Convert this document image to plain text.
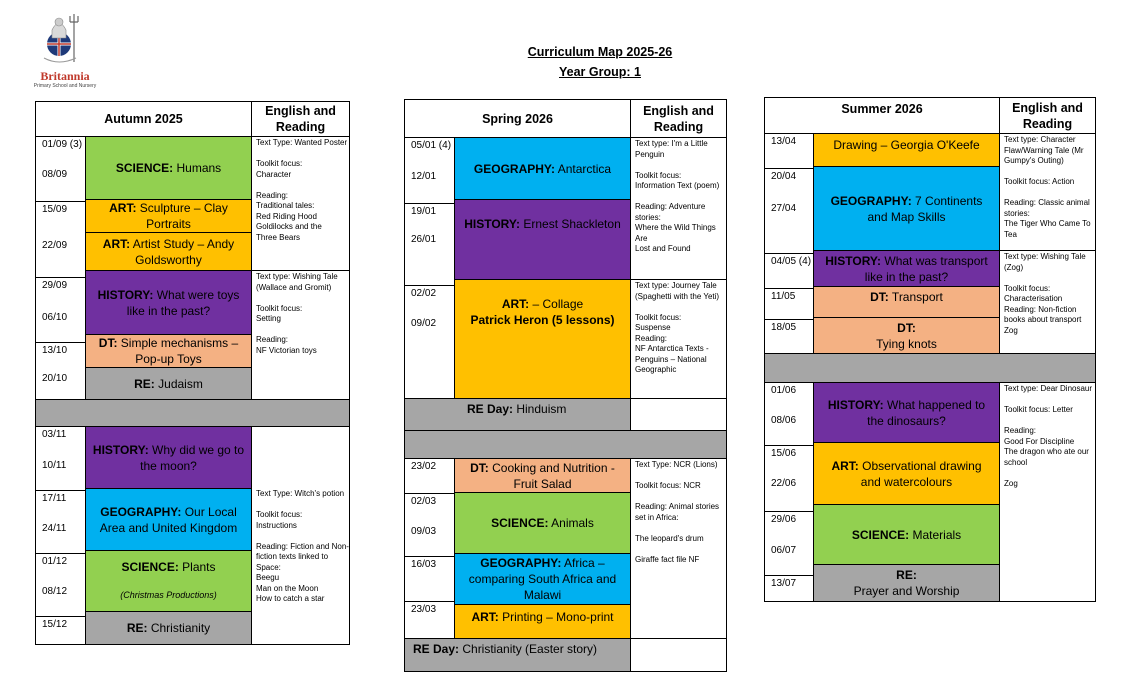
Britannia
Primary School and Nursery
Curriculum Map 2025-26
Year Group: 1
Autumn 2025
English and Reading
01/09 (3)
08/09
15/09
22/09
29/09
06/10
13/10
20/10
SCIENCE: Humans
ART: Sculpture – Clay Portraits
ART: Artist Study – Andy Goldsworthy
HISTORY: What were toys like in the past?
DT: Simple mechanisms – Pop-up Toys
RE: Judaism
Text Type: Wanted Poster
Toolkit focus:
Character
Reading:
Traditional tales:
Red Riding Hood
Goldilocks and the
Three Bears
Text type: Wishing Tale (Wallace and Gromit)
Toolkit focus:
Setting
Reading:
NF Victorian toys
03/11
10/11
17/11
24/11
01/12
08/12
15/12
HISTORY: Why did we go to the moon?
GEOGRAPHY: Our Local Area and United Kingdom
SCIENCE: Plants
(Christmas Productions)
RE: Christianity
Text Type: Witch's potion
Toolkit focus:
Instructions
Reading: Fiction and Non-fiction texts linked to Space:
Beegu
Man on the Moon
How to catch a star
Spring 2026
English and Reading
05/01 (4)
12/01
19/01
26/01
02/02
09/02
GEOGRAPHY: Antarctica
HISTORY: Ernest Shackleton
ART: – Collage
Patrick Heron (5 lessons)
Text type: I'm a Little Penguin
Toolkit focus:
Information Text (poem)
Reading: Adventure stories:
Where the Wild Things Are
Lost and Found
Text type: Journey Tale (Spaghetti with the Yeti)
Toolkit focus:
Suspense
Reading:
NF Antarctica Texts - Penguins – National Geographic
RE Day: Hinduism
23/02
02/03
09/03
16/03
23/03
DT: Cooking and Nutrition - Fruit Salad
SCIENCE: Animals
GEOGRAPHY: Africa – comparing South Africa and Malawi
ART: Printing – Mono-print
Text Type: NCR (Lions)
Toolkit focus: NCR
Reading: Animal stories set in Africa:
The leopard's drum
Giraffe fact file NF
RE Day: Christianity (Easter story)
Summer 2026	English and Reading
13/04
20/04
27/04
04/05 (4)
11/05
18/05
Drawing – Georgia O'Keefe
GEOGRAPHY: 7 Continents and Map Skills
HISTORY: What was transport like in the past?
DT: Transport
DT:
Tying knots
Text type: Character Flaw/Warning Tale (Mr Gumpy's Outing)
Toolkit focus: Action
Reading: Classic animal stories:
The Tiger Who Came To Tea
Text type: Wishing Tale (Zog)
Toolkit focus:
Characterisation
Reading: Non-fiction books about transport Zog
01/06
08/06
15/06
22/06
29/06
06/07
13/07
HISTORY: What happened to the dinosaurs?
ART: Observational drawing and watercolours
SCIENCE: Materials
RE:
Prayer and Worship
Text type: Dear Dinosaur
Toolkit focus: Letter
Reading:
Good For Discipline
The dragon who ate our school
Zog
